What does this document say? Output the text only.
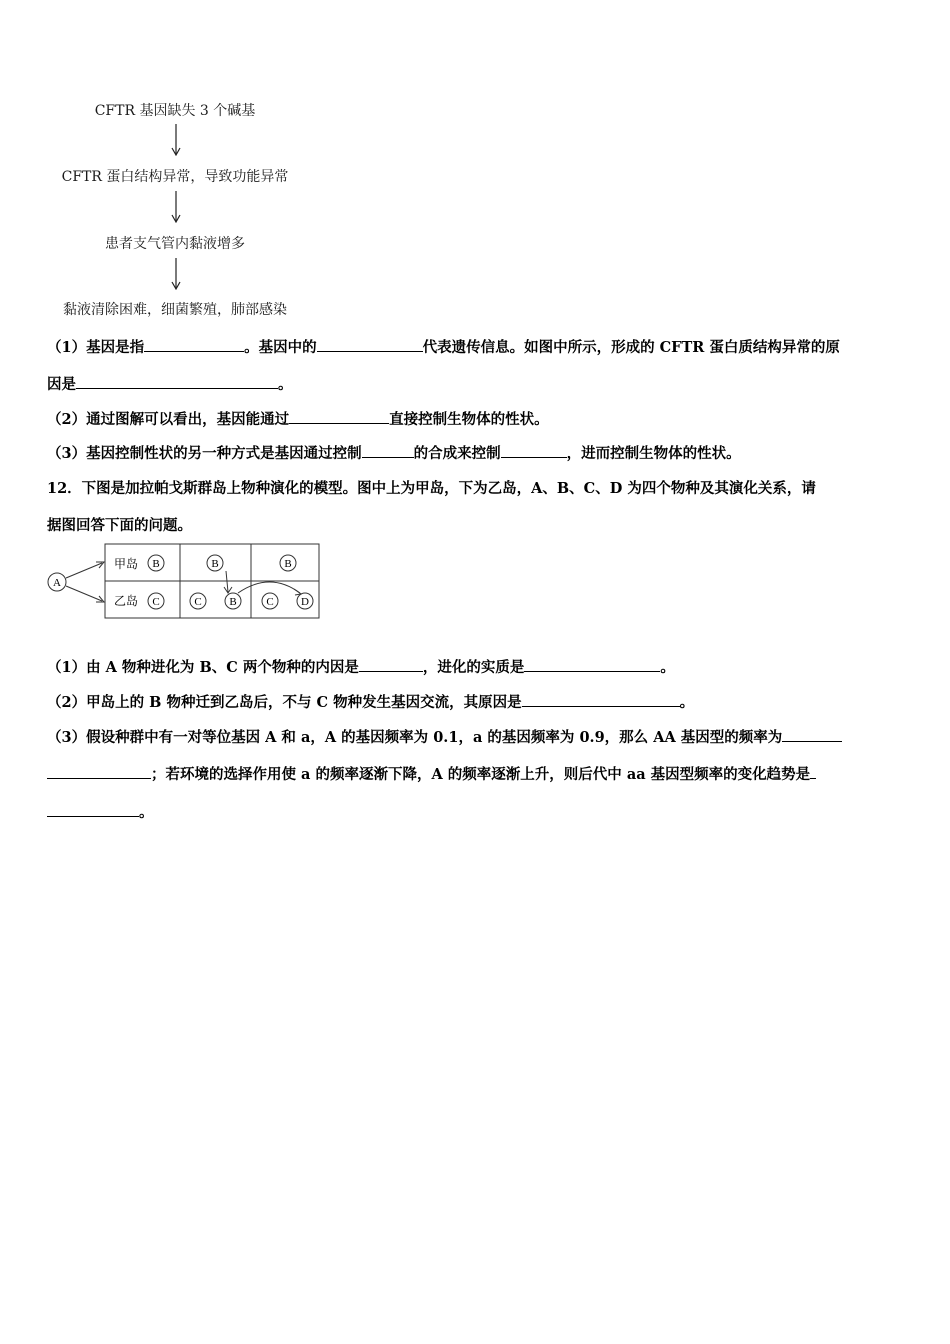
CFTR 基因缺失 3 个碱基
CFTR 蛋白结构异常，导致功能异常
患者支气管内黏液增多
黏液清除困难，细菌繁殖，肺部感染
（1）基因是指	。基因中的	代表遗传信息。如图中所示，形成的 CFTR 蛋白质结构异常的原
因是	。
（2）通过图解可以看出，基因能通过	直接控制生物体的性状。
（3）基因控制性状的另一种方式是基因通过控制	的合成来控制	，进而控制生物体的性状。
12．下图是加拉帕戈斯群岛上物种演化的模型。图中上为甲岛，下为乙岛，A、B、C、D 为四个物种及其演化关系，请
据图回答下面的问题。
A
甲岛
乙岛
B	B	B
C	C	B	C D
（1）由 A 物种进化为 B、C 两个物种的内因是	，进化的实质是	。
（2）甲岛上的 B 物种迁到乙岛后，不与 C 物种发生基因交流，其原因是	。
（3）假设种群中有一对等位基因 A 和 a，A 的基因频率为 0.1，a 的基因频率为 0.9，那么 AA 基因型的频率为
；若环境的选择作用使 a 的频率逐渐下降，A 的频率逐渐上升，则后代中 aa 基因型频率的变化趋势是
。
